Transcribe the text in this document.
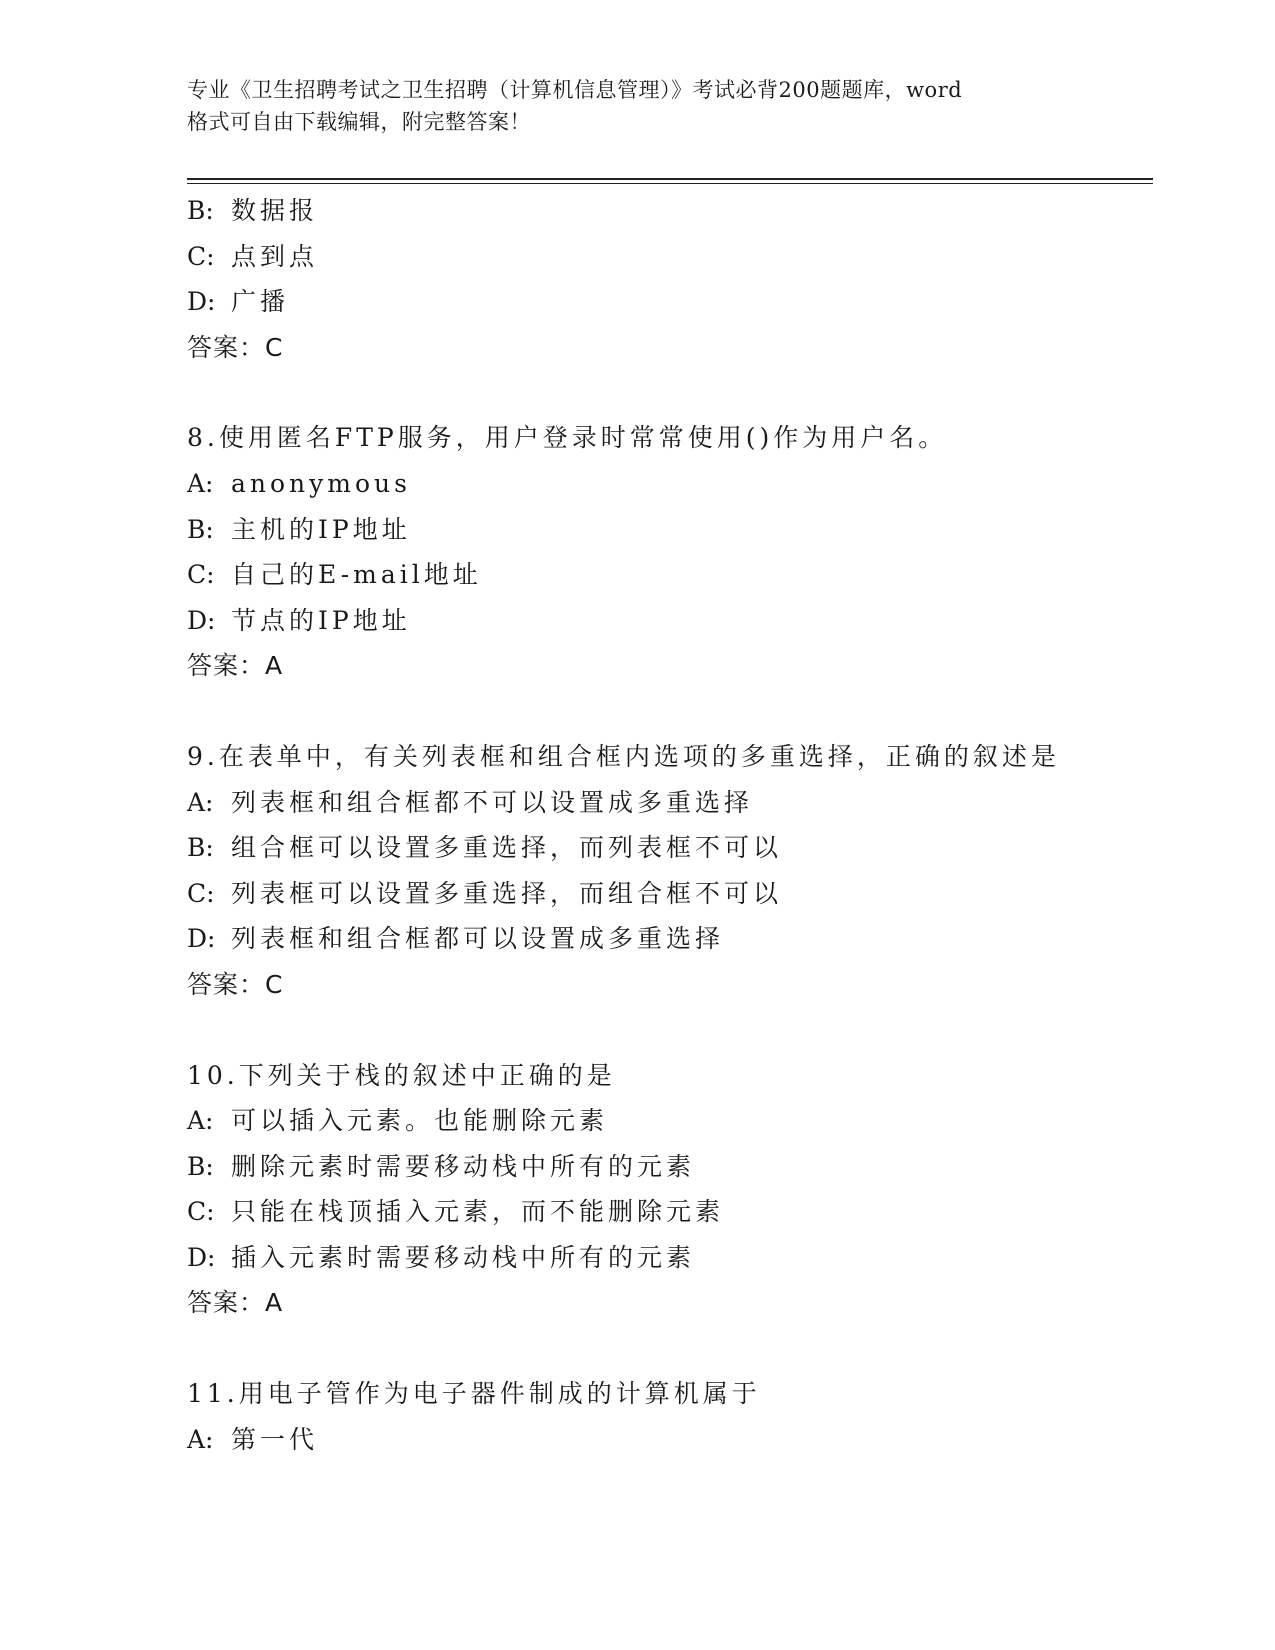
专业《卫生招聘考试之卫生招聘（计算机信息管理）》考试必背200题题库，word
格式可自由下载编辑，附完整答案！
B: 数据报
C: 点到点
D: 广播
答案：C
8.使用匿名FTP服务，用户登录时常常使用()作为用户名。
A: anonymous
B: 主机的IP地址
C: 自己的E-mail地址
D: 节点的IP地址
答案：A
9.在表单中，有关列表框和组合框内选项的多重选择，正确的叙述是
A: 列表框和组合框都不可以设置成多重选择
B: 组合框可以设置多重选择，而列表框不可以
C: 列表框可以设置多重选择，而组合框不可以
D: 列表框和组合框都可以设置成多重选择
答案：C
10.下列关于栈的叙述中正确的是
A: 可以插入元素。也能删除元素
B: 删除元素时需要移动栈中所有的元素
C: 只能在栈顶插入元素，而不能删除元素
D: 插入元素时需要移动栈中所有的元素
答案：A
11.用电子管作为电子器件制成的计算机属于
A: 第一代
